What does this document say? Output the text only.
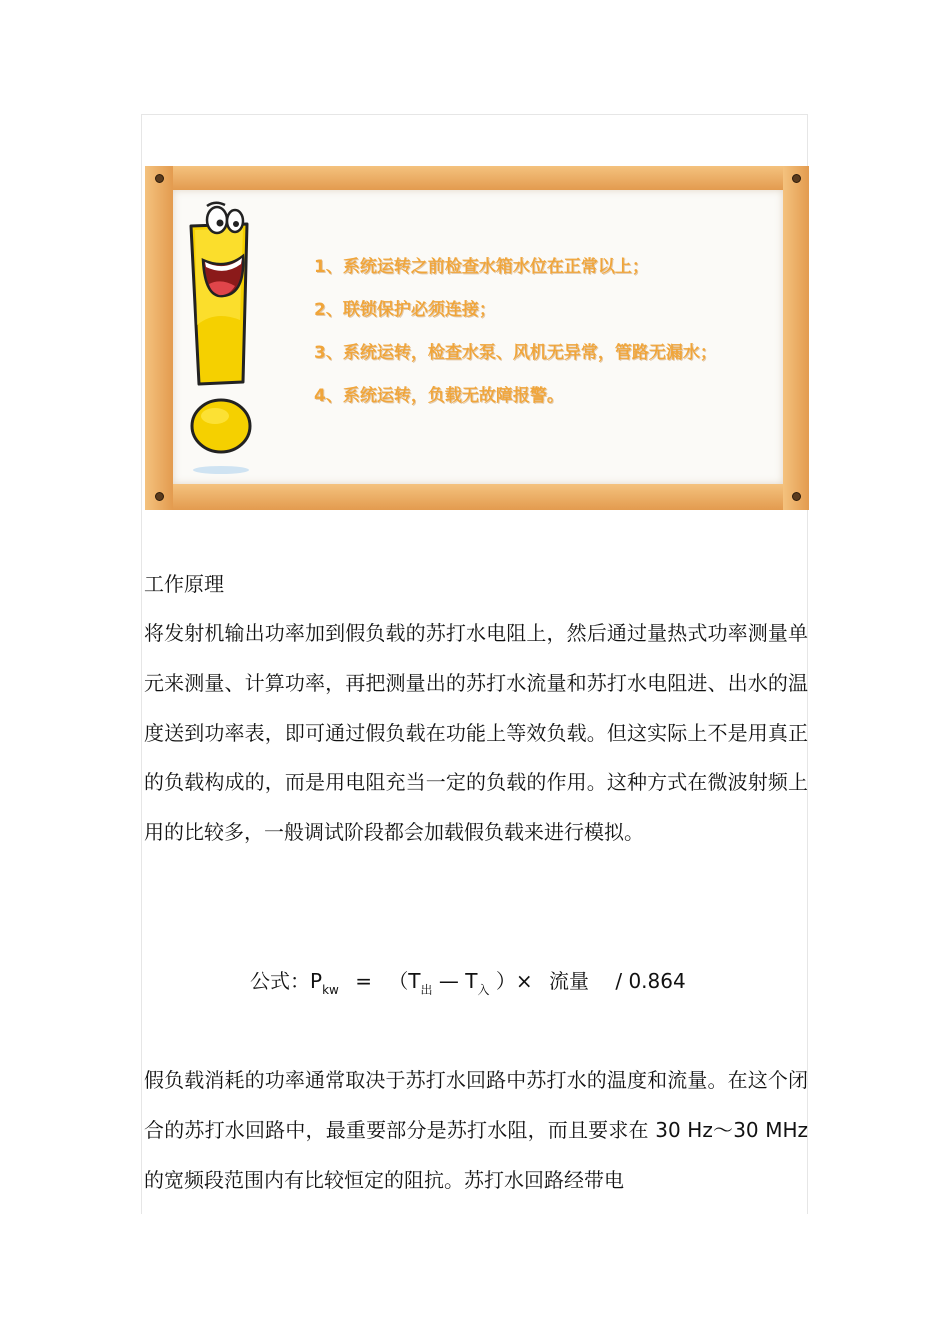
1、系统运转之前检查水箱水位在正常以上；
2、联锁保护必须连接；
3、系统运转，检查水泵、风机无异常，管路无漏水；
4、系统运转，负载无故障报警。
工作原理
将发射机输出功率加到假负载的苏打水电阻上，然后通过量热式功率测量单元来测量、计算功率，再把测量出的苏打水流量和苏打水电阻进、出水的温度送到功率表，即可通过假负载在功能上等效负载。但这实际上不是用真正的负载构成的，而是用电阻充当一定的负载的作用。这种方式在微波射频上用的比较多，一般调试阶段都会加载假负载来进行模拟。
公式：$P_{kw} = (T_出$ — $T_入$ ）× 流量 / 0.864
假负载消耗的功率通常取决于苏打水回路中苏打水的温度和流量。在这个闭合的苏打水回路中，最重要部分是苏打水阻，而且要求在 30 Hz～30 MHz 的宽频段范围内有比较恒定的阻抗。苏打水回路经带电
